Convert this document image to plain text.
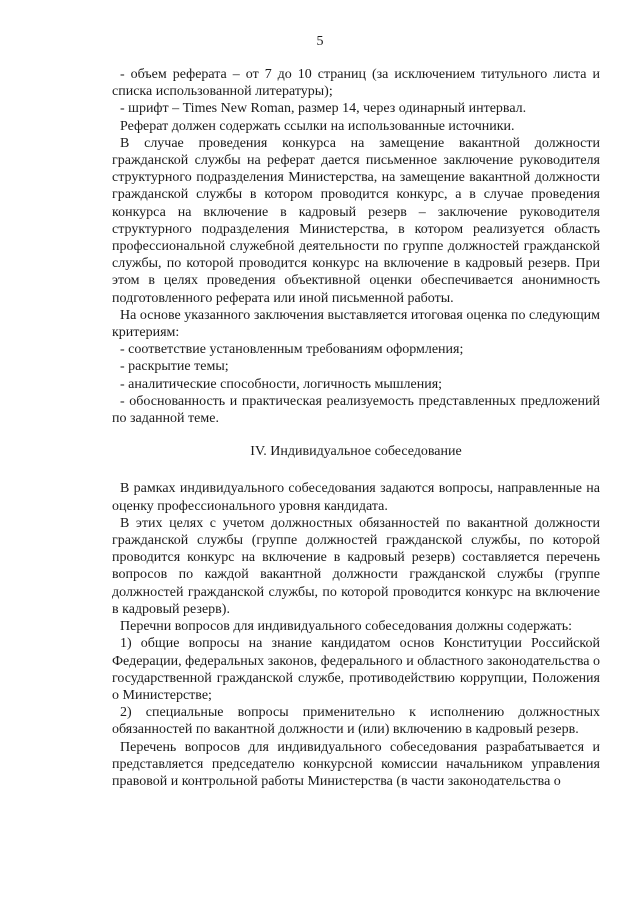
5

- объем реферата – от 7 до 10 страниц (за исключением титульного листа и списка использованной литературы);

- шрифт – Times New Roman, размер 14, через одинарный интервал.

Реферат должен содержать ссылки на использованные источники.

В случае проведения конкурса на замещение вакантной должности гражданской службы на реферат дается письменное заключение руководителя структурного подразделения Министерства, на замещение вакантной должности гражданской службы в котором проводится конкурс, а в случае проведения конкурса на включение в кадровый резерв – заключение руководителя структурного подразделения Министерства, в котором реализуется область профессиональной служебной деятельности по группе должностей гражданской службы, по которой проводится конкурс на включение в кадровый резерв. При этом в целях проведения объективной оценки обеспечивается анонимность подготовленного реферата или иной письменной работы.

На основе указанного заключения выставляется итоговая оценка по следующим критериям:

- соответствие установленным требованиям оформления;

- раскрытие темы;

- аналитические способности, логичность мышления;

- обоснованность и практическая реализуемость представленных предложений по заданной теме.

IV. Индивидуальное собеседование

В рамках индивидуального собеседования задаются вопросы, направленные на оценку профессионального уровня кандидата.

В этих целях с учетом должностных обязанностей по вакантной должности гражданской службы (группе должностей гражданской службы, по которой проводится конкурс на включение в кадровый резерв) составляется перечень вопросов по каждой вакантной должности гражданской службы (группе должностей гражданской службы, по которой проводится конкурс на включение в кадровый резерв).

Перечни вопросов для индивидуального собеседования должны содержать:

1) общие вопросы на знание кандидатом основ Конституции Российской Федерации, федеральных законов, федерального и областного законодательства о государственной гражданской службе, противодействию коррупции, Положения о Министерстве;

2) специальные вопросы применительно к исполнению должностных обязанностей по вакантной должности и (или) включению в кадровый резерв.

Перечень вопросов для индивидуального собеседования разрабатывается и представляется председателю конкурсной комиссии начальником управления правовой и контрольной работы Министерства (в части законодательства о
